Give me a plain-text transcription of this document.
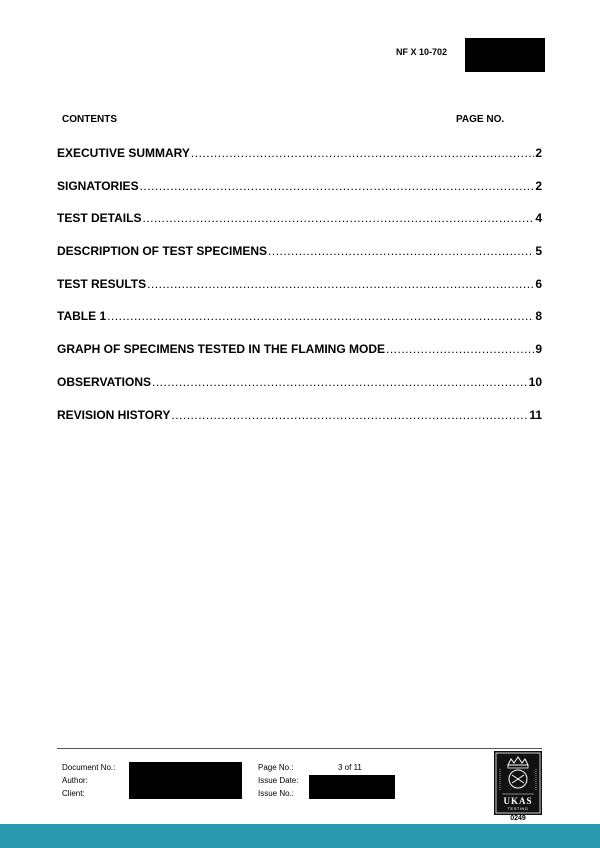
NF X 10-702
CONTENTS	PAGE NO.
EXECUTIVE SUMMARY .....	2
SIGNATORIES .....	2
TEST DETAILS .....	4
DESCRIPTION OF TEST SPECIMENS .....	5
TEST RESULTS .....	6
TABLE 1 .....	8
GRAPH OF SPECIMENS TESTED IN THE FLAMING MODE .....	9
OBSERVATIONS .....	10
REVISION HISTORY .....	11
Document No.:
Author:
Client:
Page No.:	3 of 11
Issue Date:
Issue No.:
UKAS
TESTING
0249
